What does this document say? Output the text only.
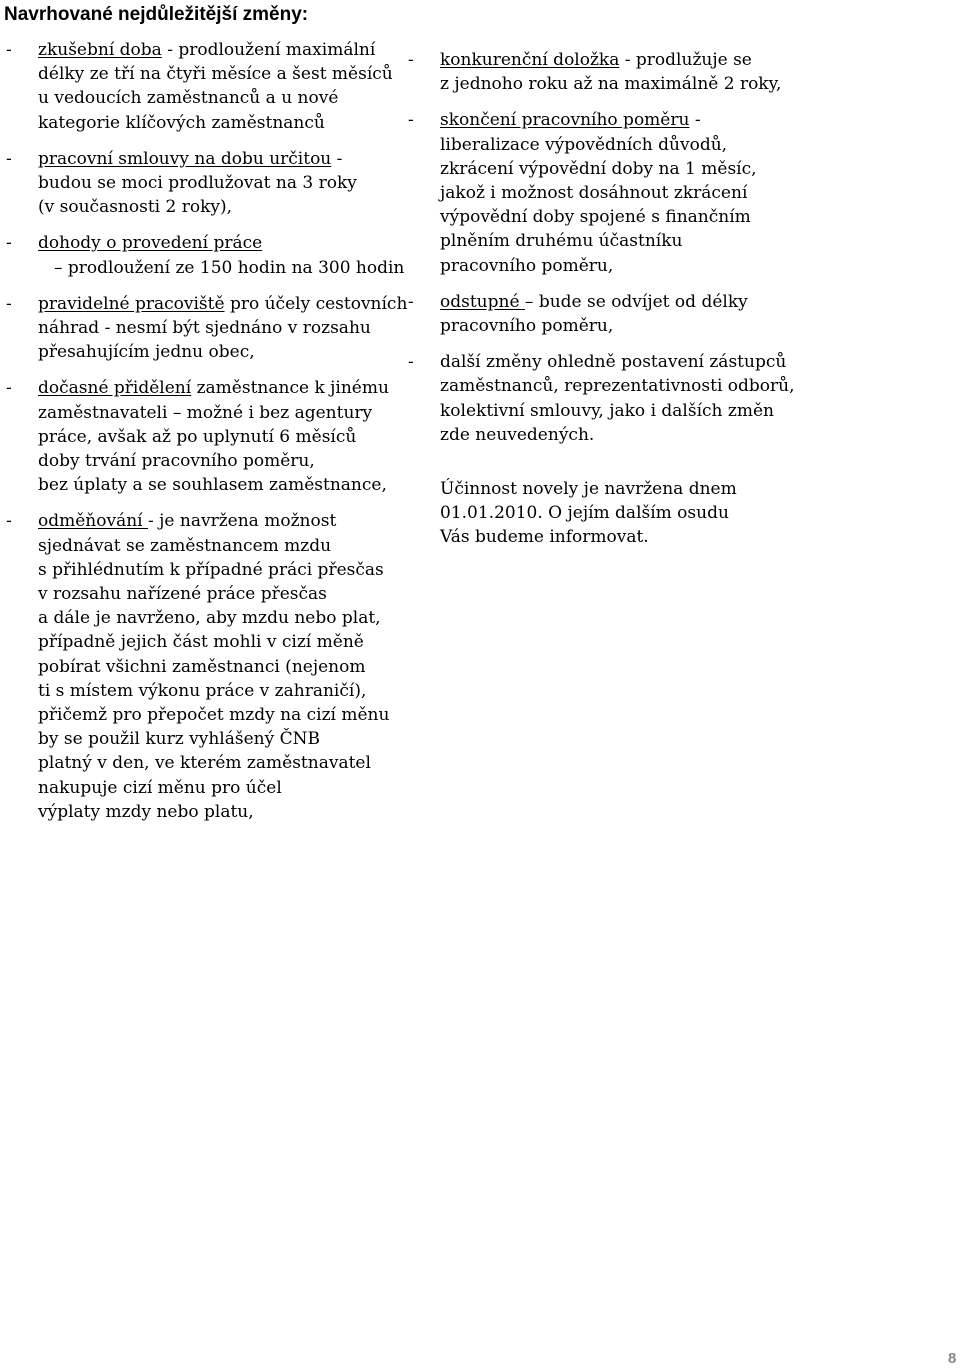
Navrhované nejdůležitější změny:
- zkušební doba - prodloužení maximální
délky ze tří na čtyři měsíce a šest měsíců
u vedoucích zaměstnanců a u nové
kategorie klíčových zaměstnanců
- pracovní smlouvy na dobu určitou -
budou se moci prodlužovat na 3 roky
(v současnosti 2 roky),
- dohody o provedení práce
– prodloužení ze 150 hodin na 300 hodin
- pravidelné pracoviště pro účely cestovních
náhrad - nesmí být sjednáno v rozsahu
přesahujícím jednu obec,
- dočasné přidělení zaměstnance k jinému
zaměstnavateli – možné i bez agentury
práce, avšak až po uplynutí 6 měsíců
doby trvání pracovního poměru,
bez úplaty a se souhlasem zaměstnance,
- odměňování - je navržena možnost
sjednávat se zaměstnancem mzdu
s přihlédnutím k případné práci přesčas
v rozsahu nařízené práce přesčas
a dále je navrženo, aby mzdu nebo plat,
případně jejich část mohli v cizí měně
pobírat všichni zaměstnanci (nejenom
ti s místem výkonu práce v zahraničí),
přičemž pro přepočet mzdy na cizí měnu
by se použil kurz vyhlášený ČNB
platný v den, ve kterém zaměstnavatel
nakupuje cizí měnu pro účel
výplaty mzdy nebo platu,
- konkurenční doložka - prodlužuje se
z jednoho roku až na maximálně 2 roky,
- skončení pracovního poměru -
liberalizace výpovědních důvodů,
zkrácení výpovědní doby na 1 měsíc,
jakož i možnost dosáhnout zkrácení
výpovědní doby spojené s finančním
plněním druhému účastníku
pracovního poměru,
- odstupné – bude se odvíjet od délky
pracovního poměru,
- další změny ohledně postavení zástupců
zaměstnanců, reprezentativnosti odborů,
kolektivní smlouvy, jako i dalších změn
zde neuvedených.
Účinnost novely je navržena dnem
01.01.2010. O jejím dalším osudu
Vás budeme informovat.
8
